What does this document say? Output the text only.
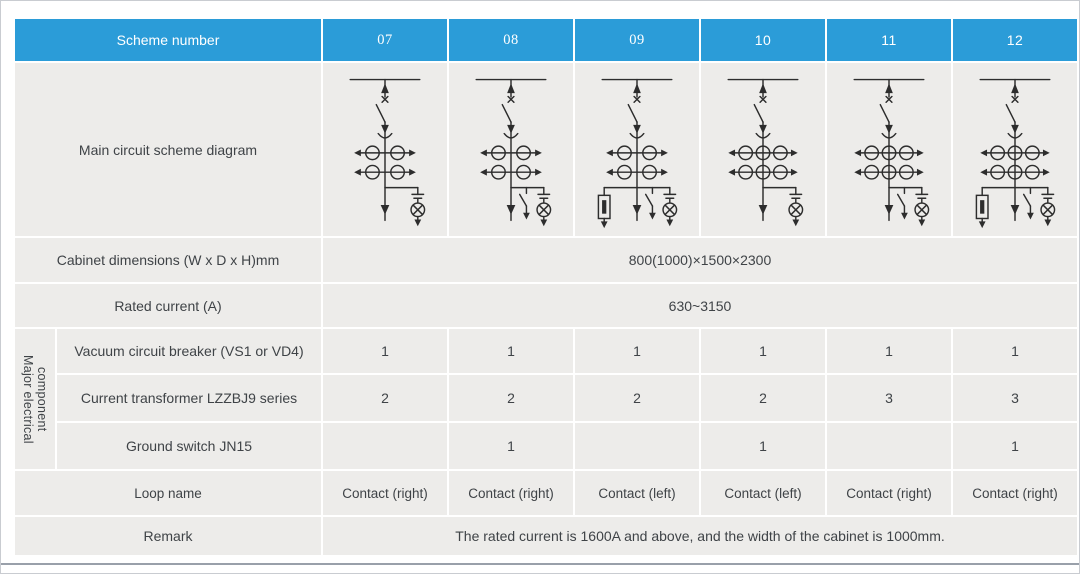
Scheme number		07	08	09	10	11	12
Main circuit scheme diagram	

Cabinet dimensions (W x D x H)mm		800(1000)×1500×2300					
Rated current (A)		630~3150					

Major electrical component	Vacuum circuit breaker (VS1 or VD4)	1	1	1	1	1	1
	Current transformer LZZBJ9 series	2	2	2	2	3	3
	Ground switch JN15		1		1		1
Loop name		Contact (right)	Contact (right)	Contact (left)	Contact (left)	Contact (right)	Contact (right)
Remark		The rated current is 1600A and above, and the width of the cabinet is 1000mm.					
